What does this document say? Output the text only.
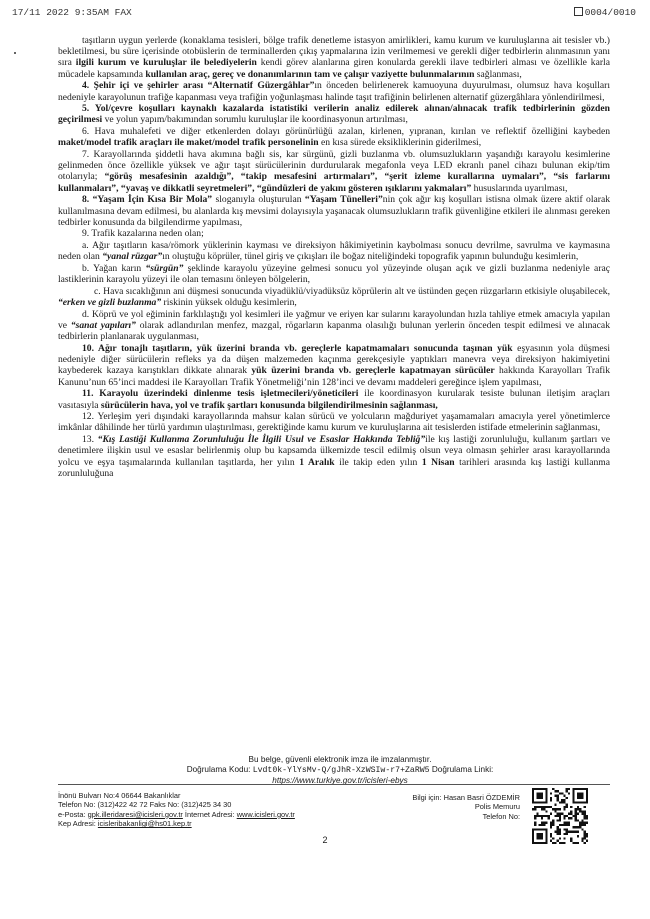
17/11 2022 9:35AM FAX	0004/0010

taşıtların uygun yerlerde (konaklama tesisleri, bölge trafik denetleme istasyon amirlikleri, kamu kurum ve kuruluşlarına ait tesisler vb.) bekletilmesi, bu süre içerisinde otobüslerin de terminallerden çıkış yapmalarına izin verilmemesi ve gerekli diğer tedbirlerin alınmasının yanı sıra ilgili kurum ve kuruluşlar ile belediyelerin kendi görev alanlarına giren konularda gerekli ilave tedbirleri alması ve özellikle karla mücadele kapsamında kullanılan araç, gereç ve donanımlarının tam ve çalışır vaziyette bulunmalarının sağlanması,

4. Şehir içi ve şehirler arası “Alternatif Güzergâhlar”ın önceden belirlenerek kamuoyuna duyurulması, olumsuz hava koşulları nedeniyle karayolunun trafiğe kapanması veya trafiğin yoğunlaşması halinde taşıt trafiğinin belirlenen alternatif güzergâhlara yönlendirilmesi,

5. Yol/çevre koşulları kaynaklı kazalarda istatistiki verilerin analiz edilerek alınan/alınacak trafik tedbirlerinin gözden geçirilmesi ve yolun yapım/bakımından sorumlu kuruluşlar ile koordinasyonun artırılması,

6. Hava muhalefeti ve diğer etkenlerden dolayı görünürlüğü azalan, kirlenen, yıpranan, kırılan ve reflektif özelliğini kaybeden maket/model trafik araçları ile maket/model trafik personelinin en kısa sürede eksikliklerinin giderilmesi,

7. Karayollarında şiddetli hava akımına bağlı sis, kar sürgünü, gizli buzlanma vb. olumsuzlukların yaşandığı karayolu kesimlerine gelinmeden önce özellikle yüksek ve ağır taşıt sürücülerinin durdurularak megafonla veya LED ekranlı panel cihazı bulunan ekip/tim otolarıyla; “görüş mesafesinin azaldığı”, “takip mesafesini artırmaları”, “şerit izleme kurallarına uymaları”, “sis farlarını kullanmaları”, “yavaş ve dikkatli seyretmeleri”, “gündüzleri de yakını gösteren ışıklarını yakmaları” hususlarında uyarılması,

8. “Yaşam İçin Kısa Bir Mola” sloganıyla oluşturulan “Yaşam Tünelleri”nin çok ağır kış koşulları istisna olmak üzere aktif olarak kullanılmasına devam edilmesi, bu alanlarda kış mevsimi dolayısıyla yaşanacak olumsuzlukların trafik güvenliğine etkileri ile alınması gereken tedbirler konusunda da bilgilendirme yapılması,

9. Trafik kazalarına neden olan;

a. Ağır taşıtların kasa/römork yüklerinin kayması ve direksiyon hâkimiyetinin kaybolması sonucu devrilme, savrulma ve kaymasına neden olan “yanal rüzgar”ın oluştuğu köprüler, tünel giriş ve çıkışları ile boğaz niteliğindeki topografik yapının bulunduğu kesimlerin,

b. Yağan karın “sürgün” şeklinde karayolu yüzeyine gelmesi sonucu yol yüzeyinde oluşan açık ve gizli buzlanma nedeniyle araç lastiklerinin karayolu yüzeyi ile olan temasını önleyen bölgelerin,

c. Hava sıcaklığının ani düşmesi sonucunda viyadüklü/viyadüksüz köprülerin alt ve üstünden geçen rüzgarların etkisiyle oluşabilecek, “erken ve gizli buzlanma” riskinin yüksek olduğu kesimlerin,

d. Köprü ve yol eğiminin farklılaştığı yol kesimleri ile yağmur ve eriyen kar sularını karayolundan hızla tahliye etmek amacıyla yapılan ve “sanat yapıları” olarak adlandırılan menfez, mazgal, rögarların kapanma olasılığı bulunan yerlerin önceden tespit edilmesi ve alınacak tedbirlerin planlanarak uygulanması,

10. Ağır tonajlı taşıtların, yük üzerini branda vb. gereçlerle kapatmamaları sonucunda taşınan yük eşyasının yola düşmesi nedeniyle diğer sürücülerin refleks ya da düşen malzemeden kaçınma gerekçesiyle yaptıkları manevra veya direksiyon hakimiyetini kaybederek kazaya karıştıkları dikkate alınarak yük üzerini branda vb. gereçlerle kapatmayan sürücüler hakkında Karayolları Trafik Kanunu’nun 65’inci maddesi ile Karayolları Trafik Yönetmeliği’nin 128’inci ve devamı maddeleri gereğince işlem yapılması,

11. Karayolu üzerindeki dinlenme tesis işletmecileri/yöneticileri ile koordinasyon kurularak tesiste bulunan iletişim araçları vasıtasıyla sürücülerin hava, yol ve trafik şartları konusunda bilgilendirilmesinin sağlanması,

12. Yerleşim yeri dışındaki karayollarında mahsur kalan sürücü ve yolcuların mağduriyet yaşamamaları amacıyla yerel yönetimlerce imkânlar dâhilinde her türlü yardımın ulaştırılması, gerektiğinde kamu kurum ve kuruluşlarına ait tesislerden istifade etmelerinin sağlanması,

13. “Kış Lastiği Kullanma Zorunluluğu İle İlgili Usul ve Esaslar Hakkında Tebliğ”ile kış lastiği zorunluluğu, kullanım şartları ve denetimlere ilişkin usul ve esaslar belirlenmiş olup bu kapsamda ülkemizde tescil edilmiş olsun veya olmasın şehirler arası karayollarında yolcu ve eşya taşımalarında kullanılan taşıtlarda, her yılın 1 Aralık ile takip eden yılın 1 Nisan tarihleri arasında kış lastiği kullanma zorunluluğuna

Bu belge, güvenli elektronik imza ile imzalanmıştır.
Doğrulama Kodu: Lvdt0k-YlYsMv-Q/gJhR-XzWSIw-r7+ZaRW5 Doğrulama Linki: https://www.turkiye.gov.tr/icisleri-ebys
İnönü Bulvarı No:4 06644 Bakanlıklar
Telefon No: (312)422 42 72 Faks No: (312)425 34 30
e-Posta: gpk.illeridaresi@icisleri.gov.tr İnternet Adresi: www.icisleri.gov.tr
Kep Adresi: icisleribakanligi@hs01.kep.tr
Bilgi için: Hasan Basri ÖZDEMİR
Polis Memuru
Telefon No:
2
